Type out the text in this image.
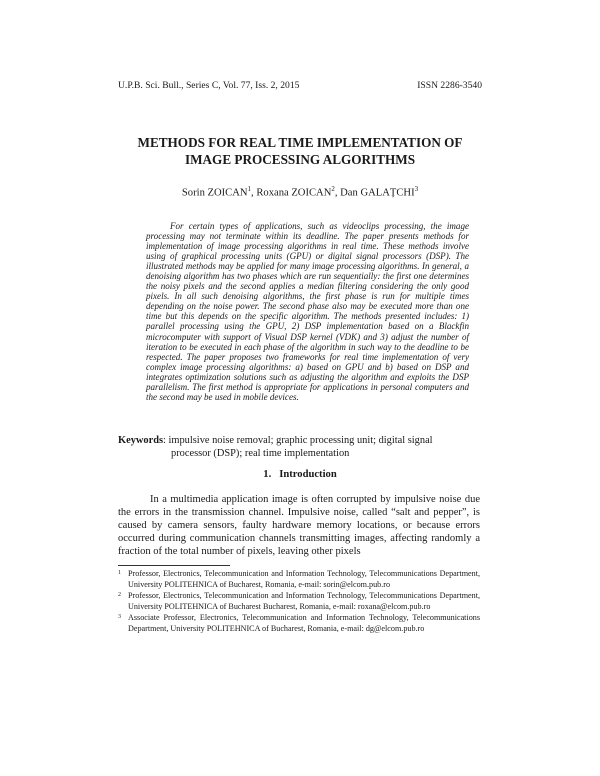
U.P.B. Sci. Bull., Series C, Vol. 77, Iss. 2, 2015	ISSN 2286-3540
METHODS FOR REAL TIME IMPLEMENTATION OF
IMAGE PROCESSING ALGORITHMS
Sorin ZOICAN$^1$, Roxana ZOICAN$^2$, Dan GALAȚCHI$^3$

For certain types of applications, such as videoclips processing, the image processing may not terminate within its deadline. The paper presents methods for implementation of image processing algorithms in real time. These methods involve using of graphical processing units (GPU) or digital signal processors (DSP). The illustrated methods may be applied for many image processing algorithms. In general, a denoising algorithm has two phases which are run sequentially: the first one determines the noisy pixels and the second applies a median filtering considering the only good pixels. In all such denoising algorithms, the first phase is run for multiple times depending on the noise power. The second phase also may be executed more than one time but this depends on the specific algorithm. The methods presented includes: 1) parallel processing using the GPU, 2) DSP implementation based on a Blackfin microcomputer with support of Visual DSP kernel (VDK) and 3) adjust the number of iteration to be executed in each phase of the algorithm in such way to the deadline to be respected. The paper proposes two frameworks for real time implementation of very complex image processing algorithms: a) based on GPU and b) based on DSP and integrates optimization solutions such as adjusting the algorithm and exploits the DSP parallelism. The first method is appropriate for applications in personal computers and the second may be used in mobile devices.

Keywords: impulsive noise removal; graphic processing unit; digital signal
processor (DSP); real time implementation
1. Introduction

In a multimedia application image is often corrupted by impulsive noise due the errors in the transmission channel. Impulsive noise, called “salt and pepper”, is caused by camera sensors, faulty hardware memory locations, or because errors occurred during communication channels transmitting images, affecting randomly a fraction of the total number of pixels, leaving other pixels

1 Professor, Electronics, Telecommunication and Information Technology, Telecommunications Department, University POLITEHNICA of Bucharest, Romania, e-mail: sorin@elcom.pub.ro
2 Professor, Electronics, Telecommunication and Information Technology, Telecommunications Department, University POLITEHNICA of Bucharest Bucharest, Romania, e-mail: roxana@elcom.pub.ro
3 Associate Professor, Electronics, Telecommunication and Information Technology, Telecommunications Department, University POLITEHNICA of Bucharest, Romania, e-mail: dg@elcom.pub.ro
